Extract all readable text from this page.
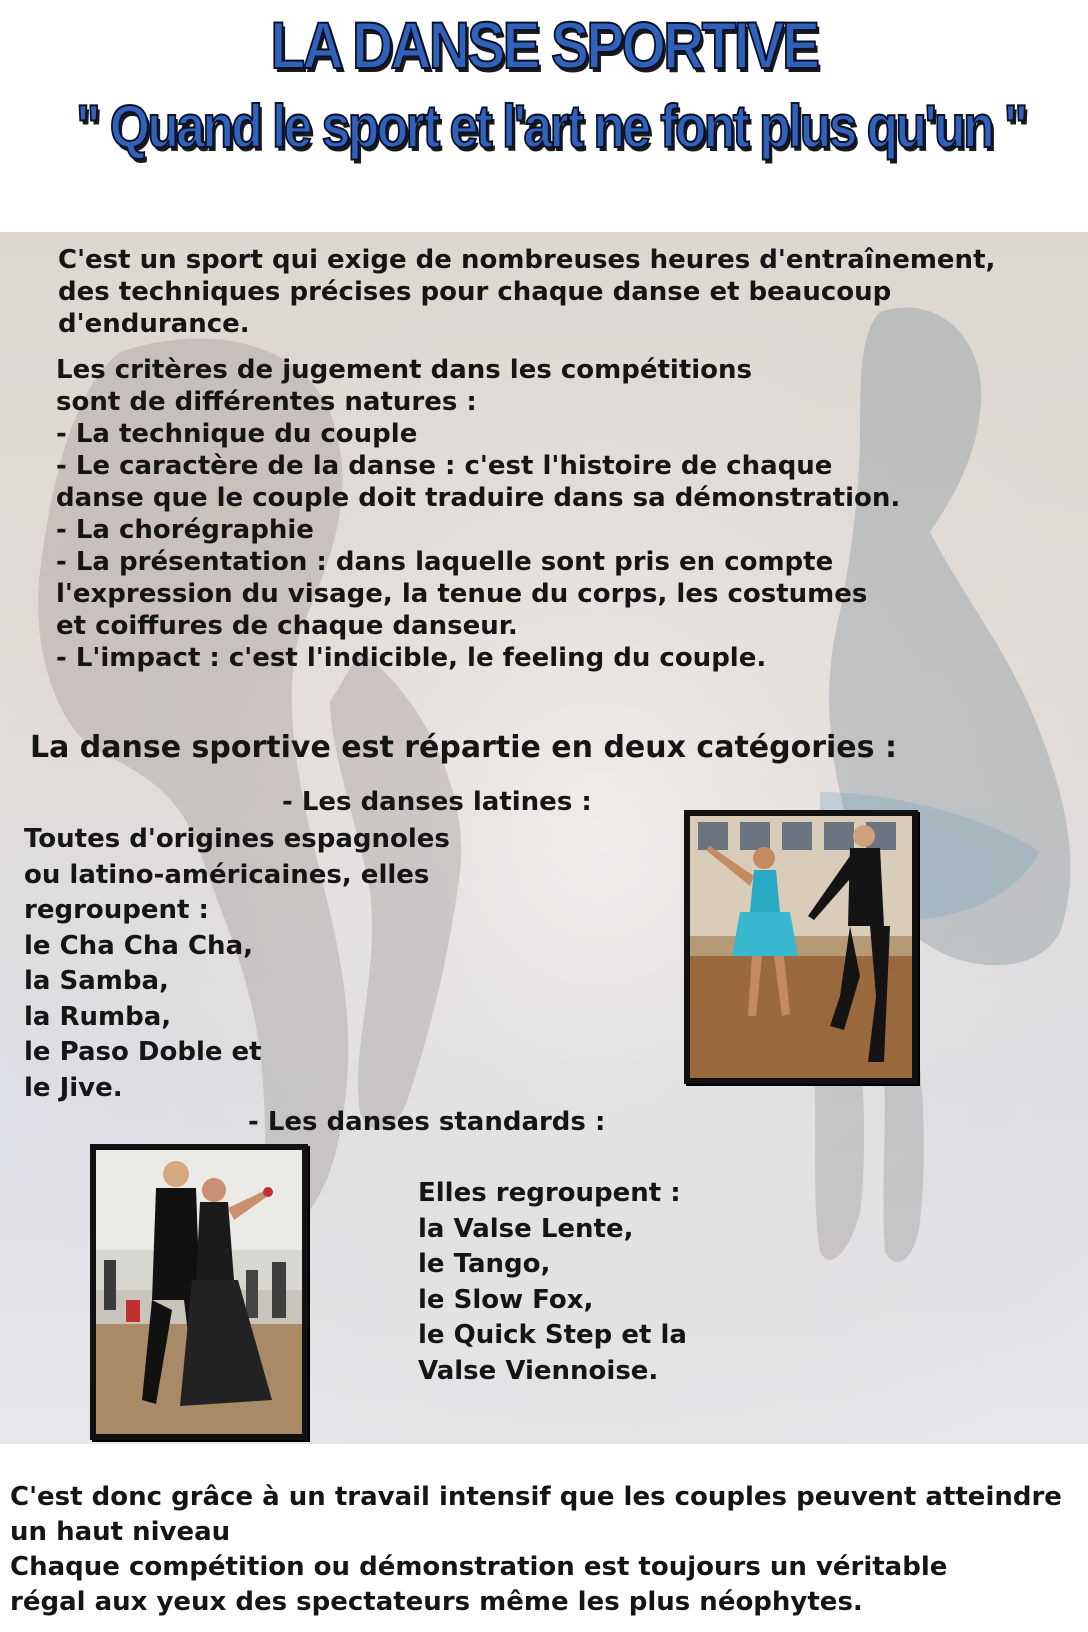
LA DANSE SPORTIVE
" Quand le sport et l'art ne font plus qu'un "
C'est un sport qui exige de nombreuses heures d'entraînement,
des techniques précises pour chaque danse et beaucoup
d'endurance.
Les critères de jugement dans les compétitions
sont de différentes natures :
- La technique du couple
- Le caractère de la danse : c'est l'histoire de chaque
danse que le couple doit traduire dans sa démonstration.
- La chorégraphie
- La présentation : dans laquelle sont pris en compte
l'expression du visage, la tenue du corps, les costumes
et coiffures de chaque danseur.
- L'impact : c'est l'indicible, le feeling du couple.
La danse sportive est répartie en deux catégories :
- Les danses latines :
Toutes d'origines espagnoles
ou latino-américaines, elles
regroupent :
le Cha Cha Cha,
la Samba,
la Rumba,
le Paso Doble et
le Jive.
- Les danses standards :
Elles regroupent :
la Valse Lente,
le Tango,
le Slow Fox,
le Quick Step et la
Valse Viennoise.
C'est donc grâce à un travail intensif que les couples peuvent atteindre
un haut niveau
Chaque compétition ou démonstration est toujours un véritable
régal aux yeux des spectateurs même les plus néophytes.
